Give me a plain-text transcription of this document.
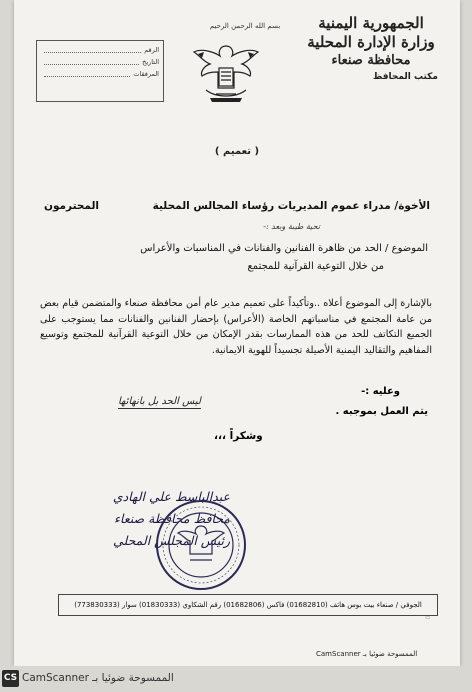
الجمهورية اليمنية
وزارة الإدارة المحلية
محافظة صنعاء
مكتب المحافظ
بسم الله الرحمن الرحيم
الرقم
التاريخ
المرفقات
( تعميم )
الأخوة/ مدراء عموم المديريات رؤساء المجالس المحلية
المحترمون
تحية طيبة وبعد :-
الموضوع / الحد من ظاهرة الفنانين والفنانات في المناسبات والأعراس
من خلال التوعية القرآنية للمجتمع
بالإشارة إلى الموضوع أعلاه ..وتأكيداً على تعميم مدير عام أمن محافظة صنعاء والمتضمن قيام بعض من عامة المجتمع في مناسباتهم الخاصة (الأعراس) بإحضار الفنانين والفنانات مما يستوجب على الجميع التكاتف للحد من هذه الممارسات بقدر الإمكان من خلال التوعية القرآنية للمجتمع وتوسيع المفاهيم والتقاليد اليمنية الأصيلة تجسيداً للهوية الايمانية.
وعليه :-
ليس الحد بل بانهائها
يتم العمل بموجبه .
وشكراً ،،،
عبدالباسط علي الهادي
محافظ محافظة صنعاء
رئيس المجلس المحلي
الجوفي / صنعاء بيت بوس هاتف (01682810) فاكس (01682806) رقم الشكاوي (01830333) سوار (773830333)
▭
الممسوحة ضوئيا بـ CamScanner
CS الممسوحة ضوئيا بـ CamScanner
